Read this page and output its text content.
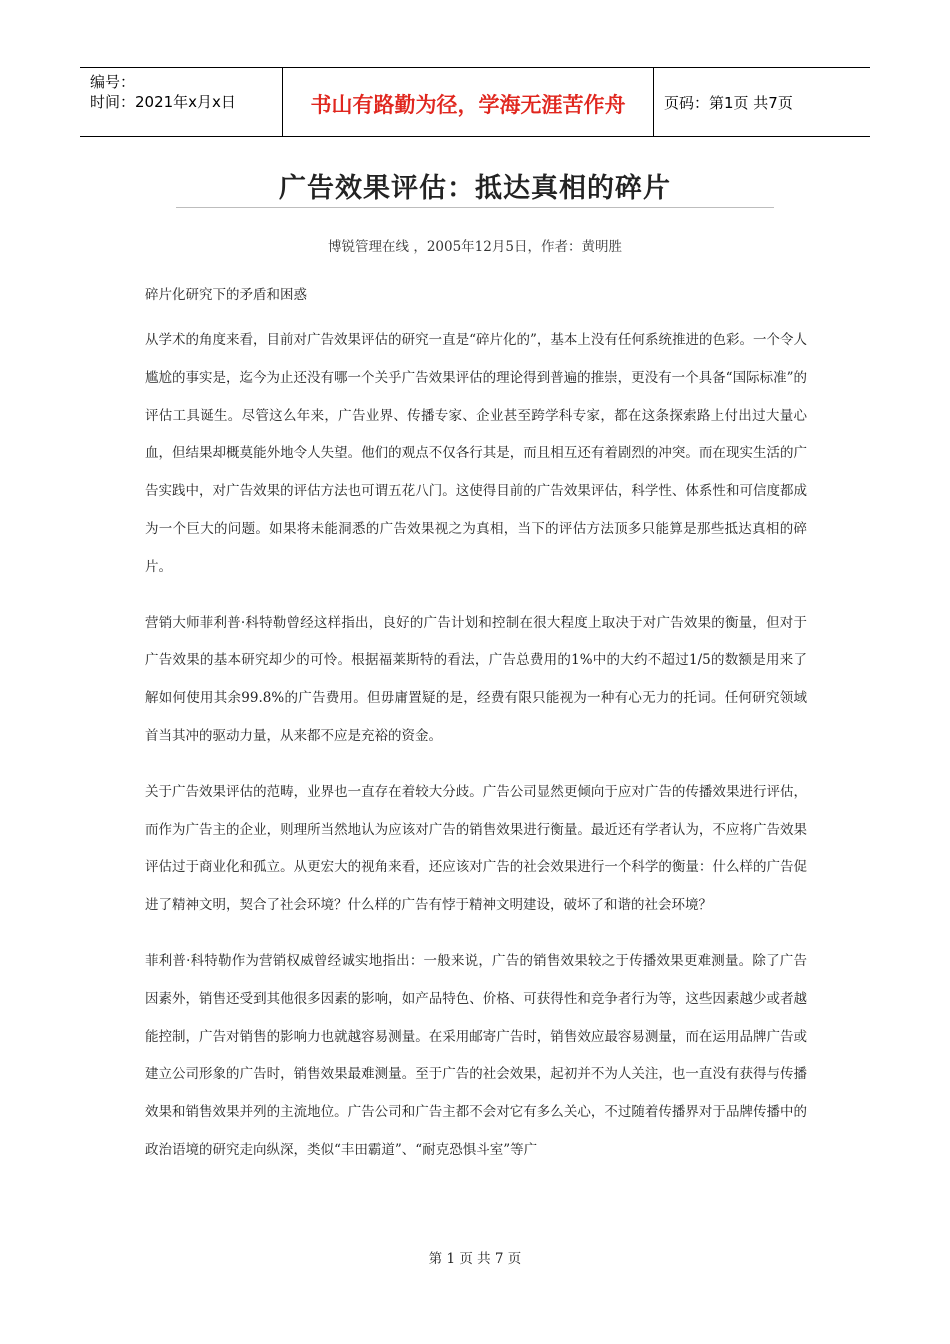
编号：
时间：2021年x月x日	书山有路勤为径，学海无涯苦作舟	页码：第1页 共7页
广告效果评估：抵达真相的碎片
博锐管理在线 ，2005年12月5日，作者：黄明胜

碎片化研究下的矛盾和困惑

从学术的角度来看，目前对广告效果评估的研究一直是“碎片化的”，基本上没有任何系统推进的色彩。一个令人尴尬的事实是，迄今为止还没有哪一个关乎广告效果评估的理论得到普遍的推崇，更没有一个具备“国际标准”的评估工具诞生。尽管这么年来，广告业界、传播专家、企业甚至跨学科专家，都在这条探索路上付出过大量心血，但结果却概莫能外地令人失望。他们的观点不仅各行其是，而且相互还有着剧烈的冲突。而在现实生活的广告实践中，对广告效果的评估方法也可谓五花八门。这使得目前的广告效果评估，科学性、体系性和可信度都成为一个巨大的问题。如果将未能洞悉的广告效果视之为真相，当下的评估方法顶多只能算是那些抵达真相的碎片。

营销大师菲利普·科特勒曾经这样指出，良好的广告计划和控制在很大程度上取决于对广告效果的衡量，但对于广告效果的基本研究却少的可怜。根据福莱斯特的看法，广告总费用的1%中的大约不超过1/5的数额是用来了解如何使用其余99.8%的广告费用。但毋庸置疑的是，经费有限只能视为一种有心无力的托词。任何研究领域首当其冲的驱动力量，从来都不应是充裕的资金。

关于广告效果评估的范畴，业界也一直存在着较大分歧。广告公司显然更倾向于应对广告的传播效果进行评估，而作为广告主的企业，则理所当然地认为应该对广告的销售效果进行衡量。最近还有学者认为，不应将广告效果评估过于商业化和孤立。从更宏大的视角来看，还应该对广告的社会效果进行一个科学的衡量：什么样的广告促进了精神文明，契合了社会环境？什么样的广告有悖于精神文明建设，破坏了和谐的社会环境？

菲利普·科特勒作为营销权威曾经诚实地指出：一般来说，广告的销售效果较之于传播效果更难测量。除了广告因素外，销售还受到其他很多因素的影响，如产品特色、价格、可获得性和竞争者行为等，这些因素越少或者越能控制，广告对销售的影响力也就越容易测量。在采用邮寄广告时，销售效应最容易测量，而在运用品牌广告或建立公司形象的广告时，销售效果最难测量。至于广告的社会效果，起初并不为人关注，也一直没有获得与传播效果和销售效果并列的主流地位。广告公司和广告主都不会对它有多么关心，不过随着传播界对于品牌传播中的政治语境的研究走向纵深，类似“丰田霸道”、“耐克恐惧斗室”等广

第 1 页 共 7 页
